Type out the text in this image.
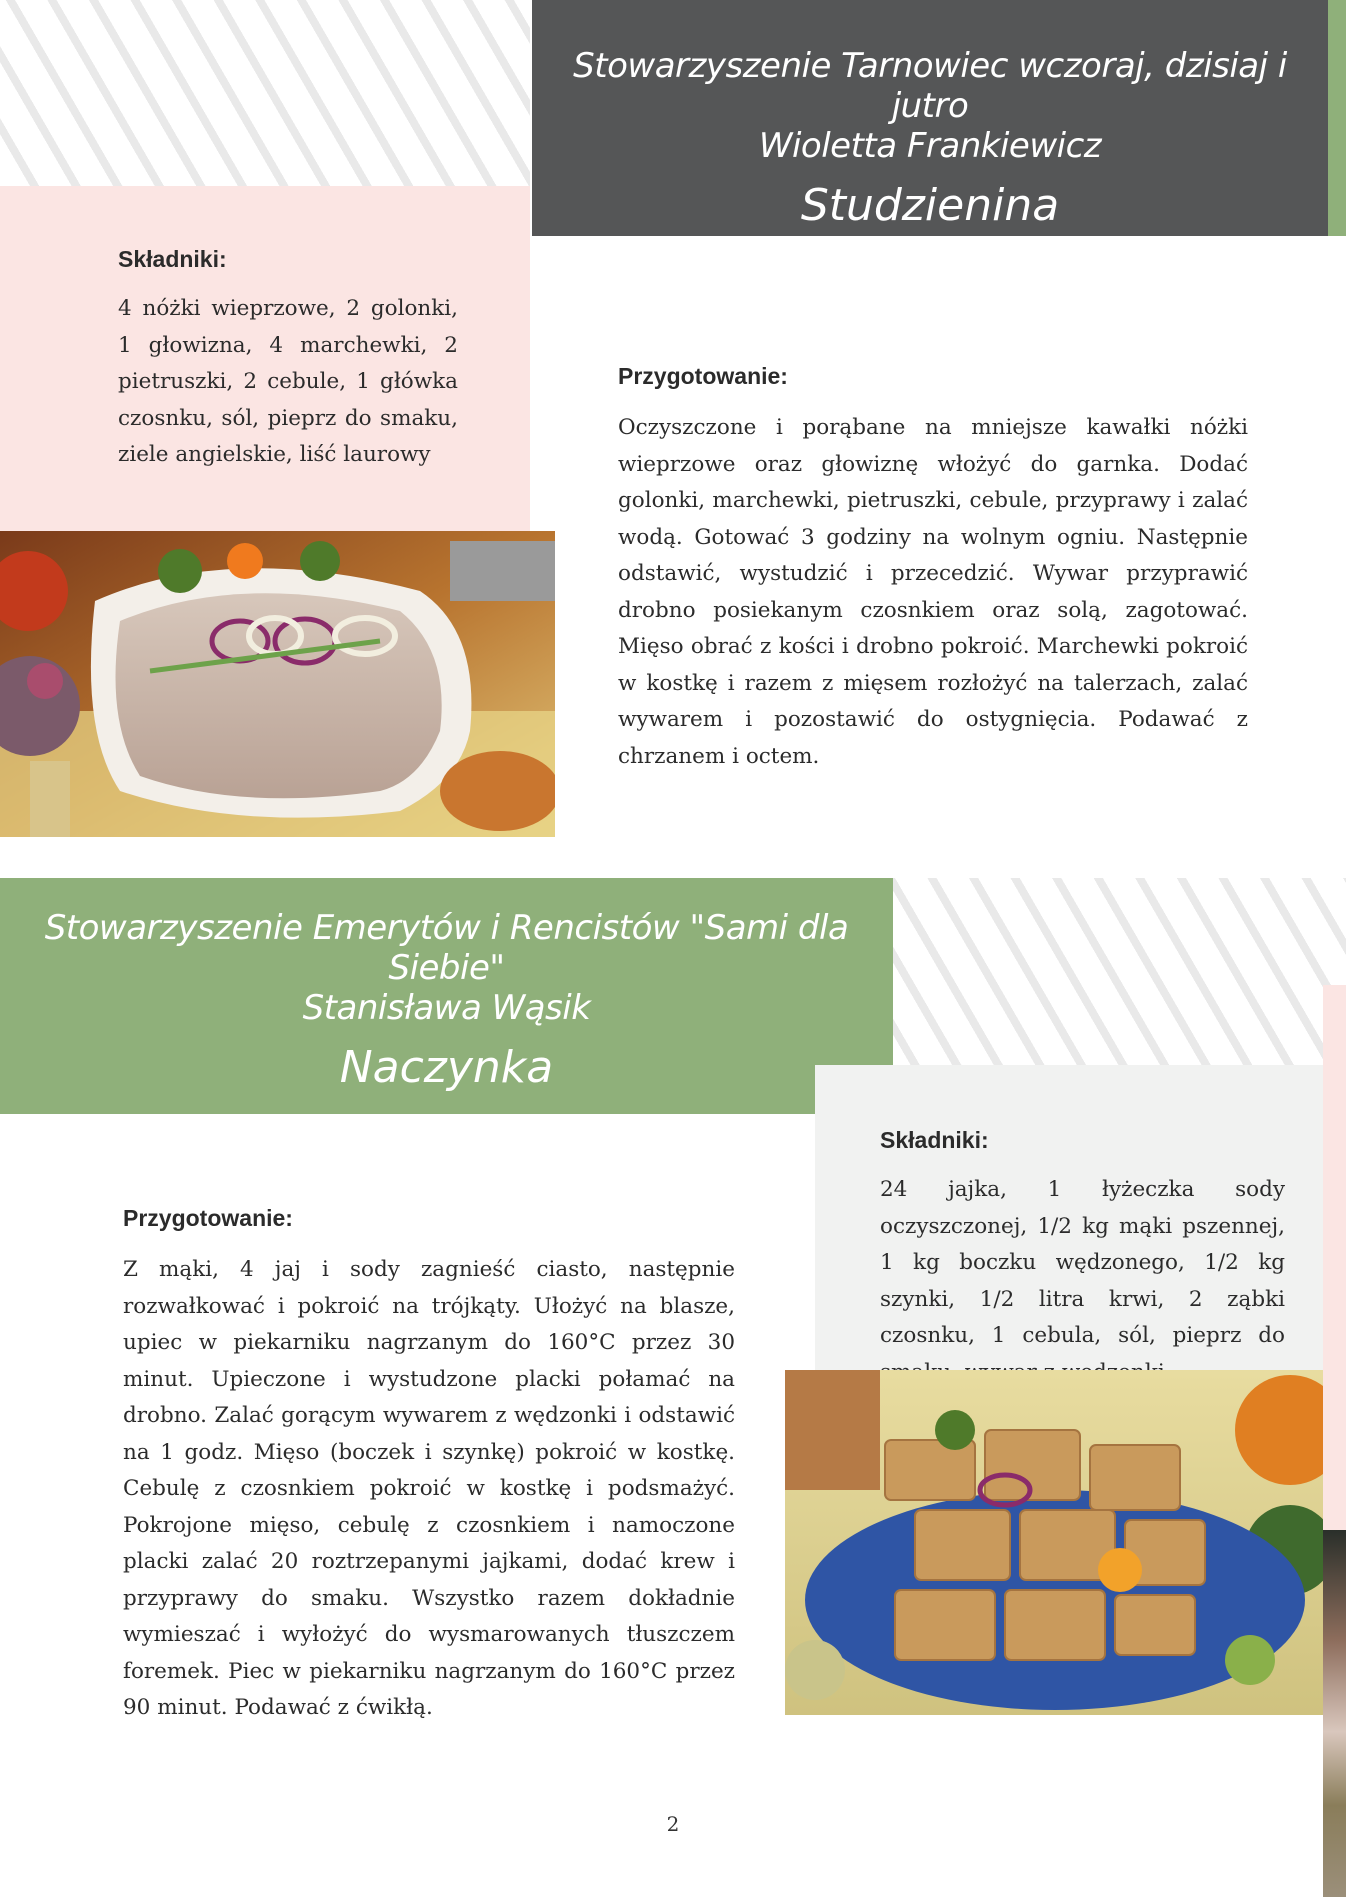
Stowarzyszenie Tarnowiec wczoraj, dzisiaj i jutro

Wioletta Frankiewicz

Studzienina

Składniki:

4 nóżki wieprzowe, 2 golonki, 1 głowizna, 4 marchewki, 2 pietruszki, 2 cebule, 1 główka czosnku, sól, pieprz do smaku, ziele angielskie, liść laurowy

Przygotowanie:

Oczyszczone i porąbane na mniejsze kawałki nóżki wieprzowe oraz głowiznę włożyć do garnka. Dodać golonki, marchewki, pietruszki, cebule, przyprawy i zalać wodą. Gotować 3 godziny na wolnym ogniu. Następnie odstawić, wystudzić i przecedzić. Wywar przyprawić drobno posiekanym czosnkiem oraz solą, zagotować. Mięso obrać z kości i drobno pokroić. Marchewki pokroić w kostkę i razem z mięsem rozłożyć na talerzach, zalać wywarem i pozostawić do ostygnięcia. Podawać z chrzanem i octem.

Stowarzyszenie Emerytów i Rencistów "Sami dla Siebie"

Stanisława Wąsik

Naczynka

Składniki:

24 jajka, 1 łyżeczka sody oczyszczonej, 1/2 kg mąki pszennej, 1 kg boczku wędzonego, 1/2 kg szynki, 1/2 litra krwi, 2 ząbki czosnku, 1 cebula, sól, pieprz do

Przygotowanie:

Z mąki, 4 jaj i sody zagnieść ciasto, następnie rozwałkować i pokroić na trójkąty. Ułożyć na blasze, upiec w piekarniku nagrzanym do 160°C przez 30 minut. Upieczone i wystudzone placki połamać na drobno. Zalać gorącym wywarem z wędzonki i odstawić na 1 godz. Mięso (boczek i szynkę) pokroić w kostkę. Cebulę z czosnkiem pokroić w kostkę i podsmażyć. Pokrojone mięso, cebulę z czosnkiem i namoczone placki zalać 20 roztrzepanymi jajkami, dodać krew i przyprawy do smaku. Wszystko razem dokładnie wymieszać i wyłożyć do wysmarowanych tłuszczem foremek. Piec w piekarniku nagrzanym do 160°C przez 90 minut. Podawać z ćwikłą.

2
